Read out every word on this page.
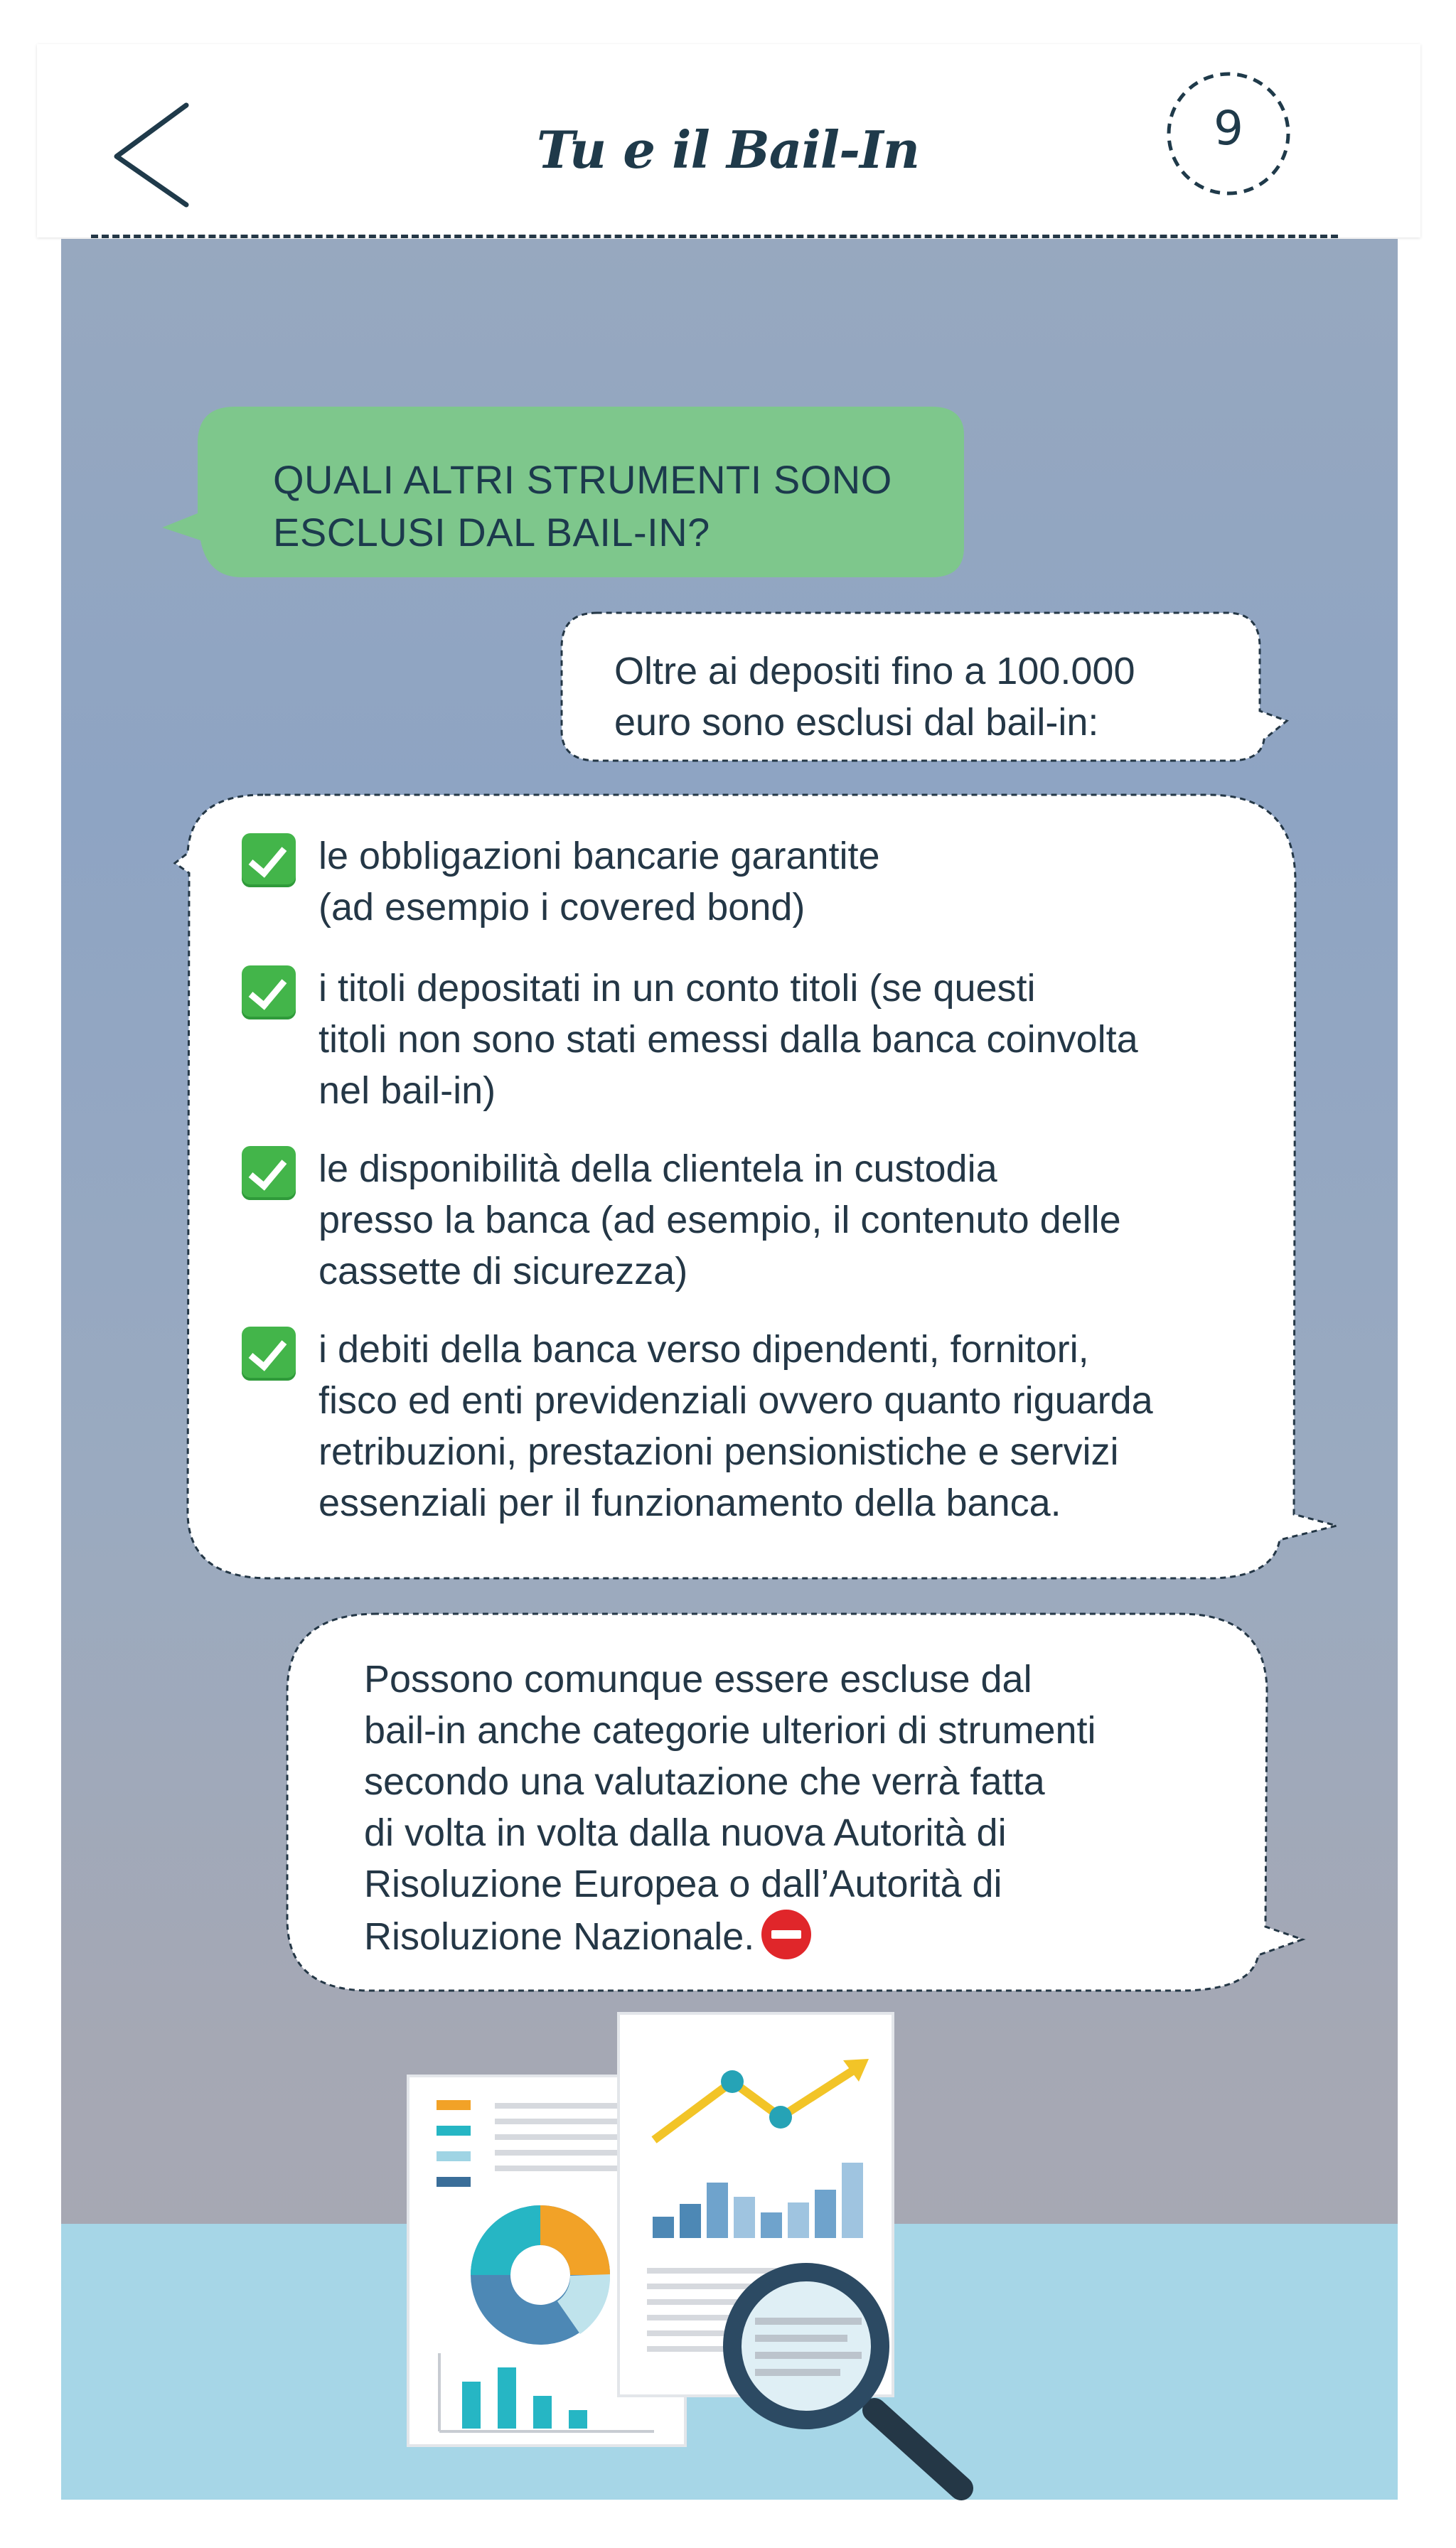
Tu e il Bail-In	9
QUALI ALTRI STRUMENTI SONO
ESCLUSI DAL BAIL-IN?
Oltre ai depositi fino a 100.000
euro sono esclusi dal bail-in:
le obbligazioni bancarie garantite
(ad esempio i covered bond)
i titoli depositati in un conto titoli (se questi
titoli non sono stati emessi dalla banca coinvolta
nel bail-in)
le disponibilità della clientela in custodia
presso la banca (ad esempio, il contenuto delle
cassette di sicurezza)
i debiti della banca verso dipendenti, fornitori,
fisco ed enti previdenziali ovvero quanto riguarda
retribuzioni, prestazioni pensionistiche e servizi
essenziali per il funzionamento della banca.
Possono comunque essere escluse dal
bail-in anche categorie ulteriori di strumenti
secondo una valutazione che verrà fatta
di volta in volta dalla nuova Autorità di
Risoluzione Europea o dall’Autorità di
Risoluzione Nazionale.
